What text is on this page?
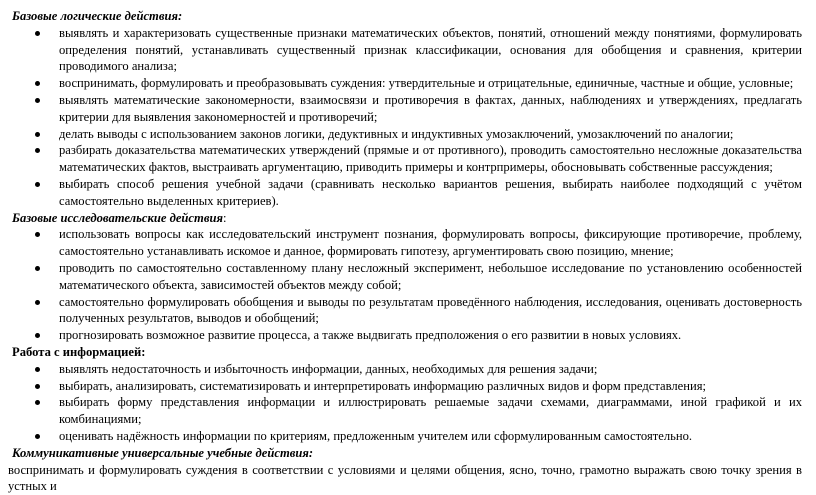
Базовые логические действия:

выявлять и характеризовать существенные признаки математических объектов, понятий, отношений между понятиями, формулировать определения понятий, устанавливать существенный признак классификации, основания для обобщения и сравнения, критерии проводимого анализа;
воспринимать, формулировать и преобразовывать суждения: утвердительные и отрицательные, единичные, частные и общие, условные;
выявлять математические закономерности, взаимосвязи и противоречия в фактах, данных, наблюдениях и утверждениях, предлагать критерии для выявления закономерностей и противоречий;
делать выводы с использованием законов логики, дедуктивных и индуктивных умозаключений, умозаключений по аналогии;
разбирать доказательства математических утверждений (прямые и от противного), проводить самостоятельно несложные доказательства математических фактов, выстраивать аргументацию, приводить примеры и контрпримеры, обосновывать собственные рассуждения;
выбирать способ решения учебной задачи (сравнивать несколько вариантов решения, выбирать наиболее подходящий с учётом самостоятельно выделенных критериев).

Базовые исследовательские действия:

использовать вопросы как исследовательский инструмент познания, формулировать вопросы, фиксирующие противоречие, проблему, самостоятельно устанавливать искомое и данное, формировать гипотезу, аргументировать свою позицию, мнение;
проводить по самостоятельно составленному плану несложный эксперимент, небольшое исследование по установлению особенностей математического объекта, зависимостей объектов между собой;
самостоятельно формулировать обобщения и выводы по результатам проведённого наблюдения, исследования, оценивать достоверность полученных результатов, выводов и обобщений;
прогнозировать возможное развитие процесса, а также выдвигать предположения о его развитии в новых условиях.

Работа с информацией:

выявлять недостаточность и избыточность информации, данных, необходимых для решения задачи;
выбирать, анализировать, систематизировать и интерпретировать информацию различных видов и форм представления;
выбирать форму представления информации и иллюстрировать решаемые задачи схемами, диаграммами, иной графикой и их комбинациями;
оценивать надёжность информации по критериям, предложенным учителем или сформулированным самостоятельно.

Коммуникативные универсальные учебные действия:

воспринимать и формулировать суждения в соответствии с условиями и целями общения, ясно, точно, грамотно выражать свою точку зрения в устных и
